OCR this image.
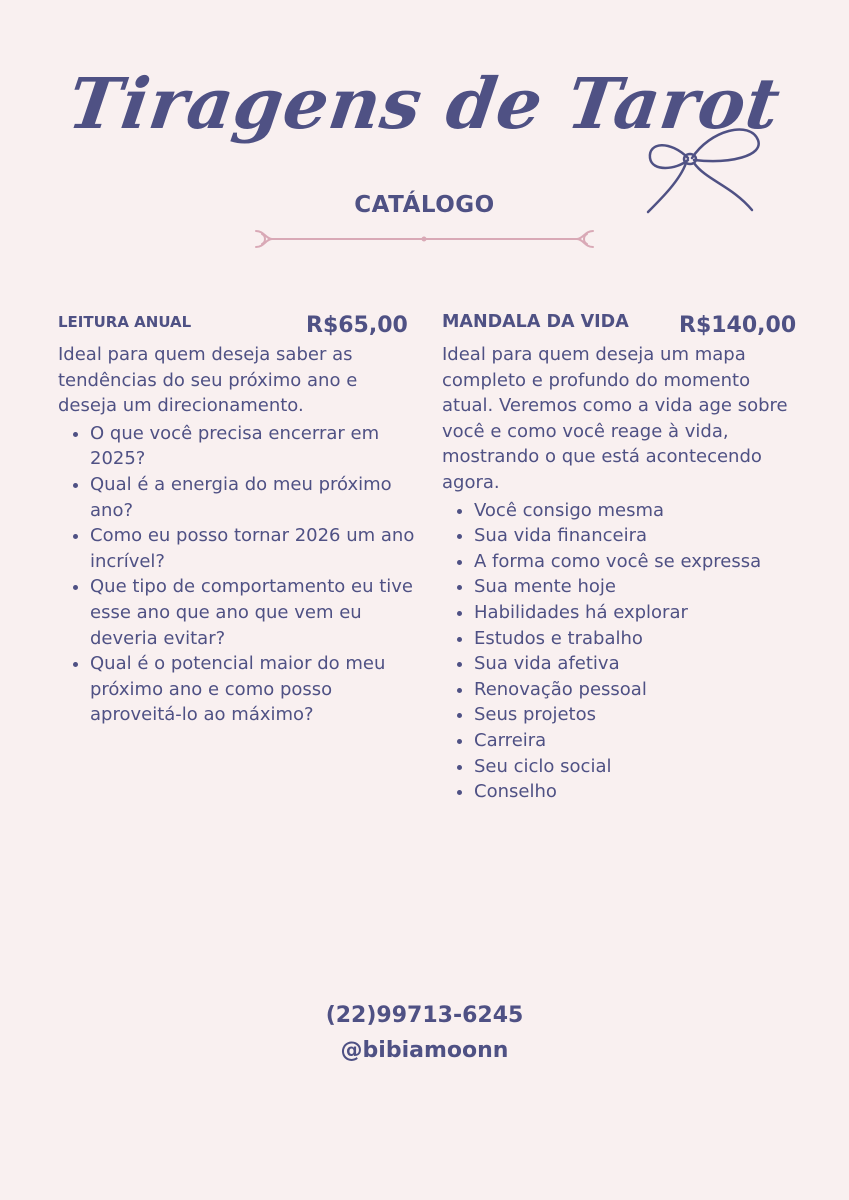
Tiragens de Tarot
CATÁLOGO
LEITURA ANUAL	R$65,00

Ideal para quem deseja saber as tendências do seu próximo ano e deseja um direcionamento.

• O que você precisa encerrar em 2025?
• Qual é a energia do meu próximo ano?
• Como eu posso tornar 2026 um ano incrível?
• Que tipo de comportamento eu tive esse ano que ano que vem eu deveria evitar?
• Qual é o potencial maior do meu próximo ano e como posso aproveitá-lo ao máximo?
MANDALA DA VIDA R$140,00

Ideal para quem deseja um mapa completo e profundo do momento atual. Veremos como a vida age sobre você e como você reage à vida, mostrando o que está acontecendo agora.

• Você consigo mesma
• Sua vida financeira
• A forma como você se expressa
• Sua mente hoje
• Habilidades há explorar
• Estudos e trabalho
• Sua vida afetiva
• Renovação pessoal
• Seus projetos
• Carreira
• Seu ciclo social
• Conselho
(22)99713-6245
@bibiamoonn
